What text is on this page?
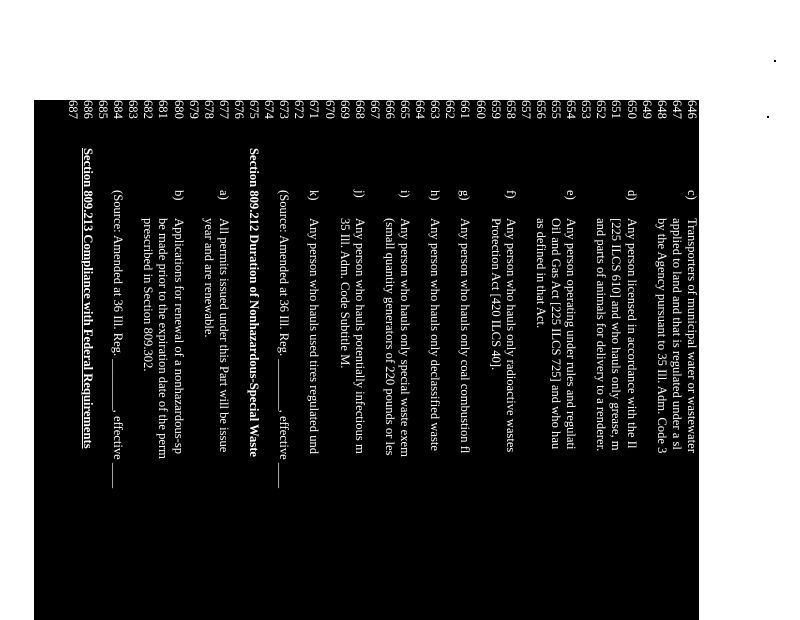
646
c)
Transporters of municipal water or wastewater
647
applied to land and that is regulated under a sl
648
by the Agency pursuant to 35 Ill. Adm. Code 3
649
650
d)
Any person licensed in accordance with the Il
651
[225 ILCS 610] and who hauls only grease, m
652
and parts of animals for delivery to a renderer.
653
654
e)
Any person operating under rules and regulati
655
Oil and Gas Act [225 ILCS 725] and who hau
656
as defined in that Act.
657
658
f)
Any person who hauls only radioactive wastes
659
Protection Act [420 ILCS 40].
660
661
g)
Any person who hauls only coal combustion fl
662
663
h)
Any person who hauls only declassified waste
664
665
i)
Any person who hauls only special waste exem
666
(small quantity generators of 220 pounds or les
667
668
j)
Any person who hauls potentially infectious m
669
35 Ill. Adm. Code Subtitle M.
670
671
k)
Any person who hauls used tires regulated und
672
673
(Source: Amended at 36 Ill. Reg. ________, effective ____
674
675
Section 809.212 Duration of Nonhazardous-Special Waste
676
677
a)
All permits issued under this Part will be issue
678
year and are renewable.
679
680
b)
Applications for renewal of a nonhazardous-sp
681
be made prior to the expiration date of the perm
682
prescribed in Section 809.302.
683
684
(Source: Amended at 36 Ill. Reg. ________, effective ____
685
686
Section 809.213 Compliance with Federal Requirements
687
